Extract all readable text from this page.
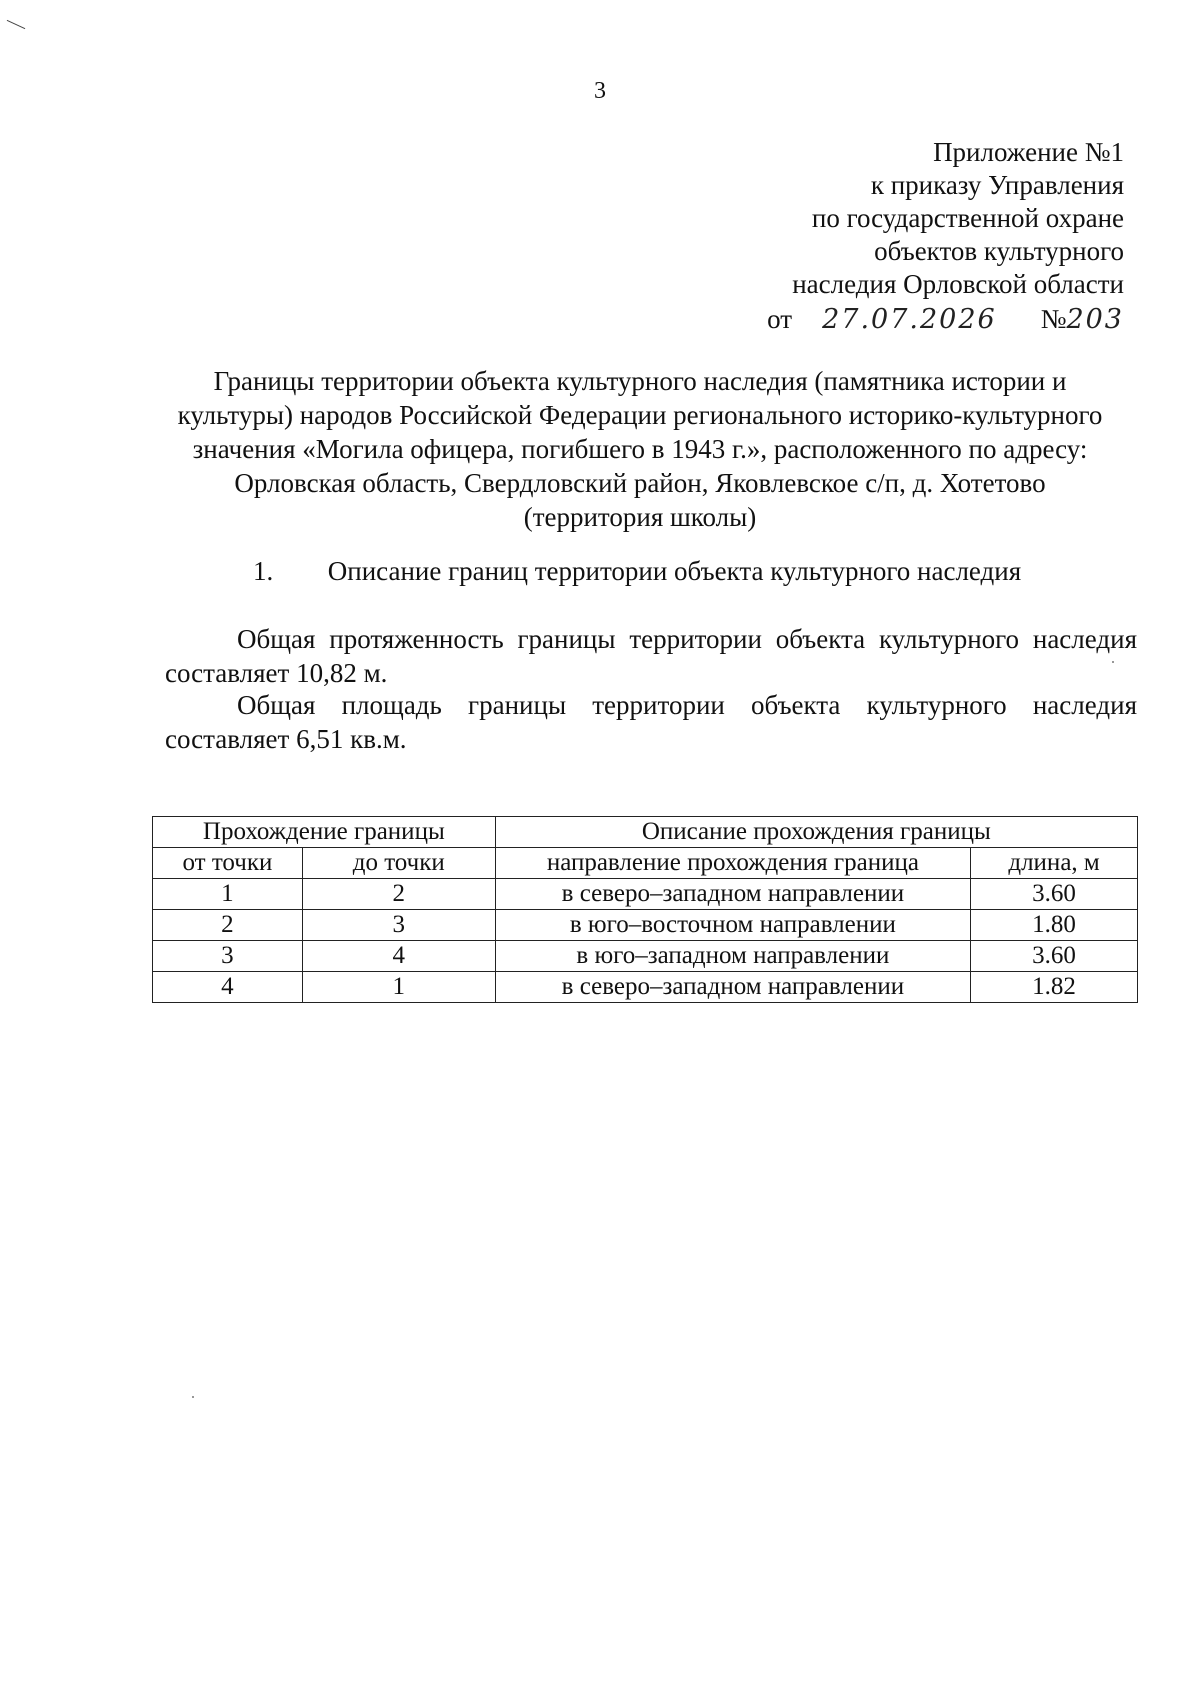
3
Приложение №1
к приказу Управления
по государственной охране
объектов культурного
наследия Орловской области
от 27.07.2026 № 203
Границы территории объекта культурного наследия (памятника истории и
культуры) народов Российской Федерации регионального историко-культурного
значения «Могила офицера, погибшего в 1943 г.», расположенного по адресу:
Орловская область, Свердловский район, Яковлевское с/п, д. Хотетово
(территория школы)
1. Описание границ территории объекта культурного наследия
Общая протяженность границы территории объекта культурного наследия составляет 10,82 м.
Общая площадь границы территории объекта культурного наследия составляет 6,51 кв.м.
Прохождение границы		Описание прохождения границы	
от точки	до точки	направление прохождения граница	длина, м
1	2	в северо–западном направлении	3.60
2	3	в юго–восточном направлении	1.80
3	4	в юго–западном направлении	3.60
4	1	в северо–западном направлении	1.82
